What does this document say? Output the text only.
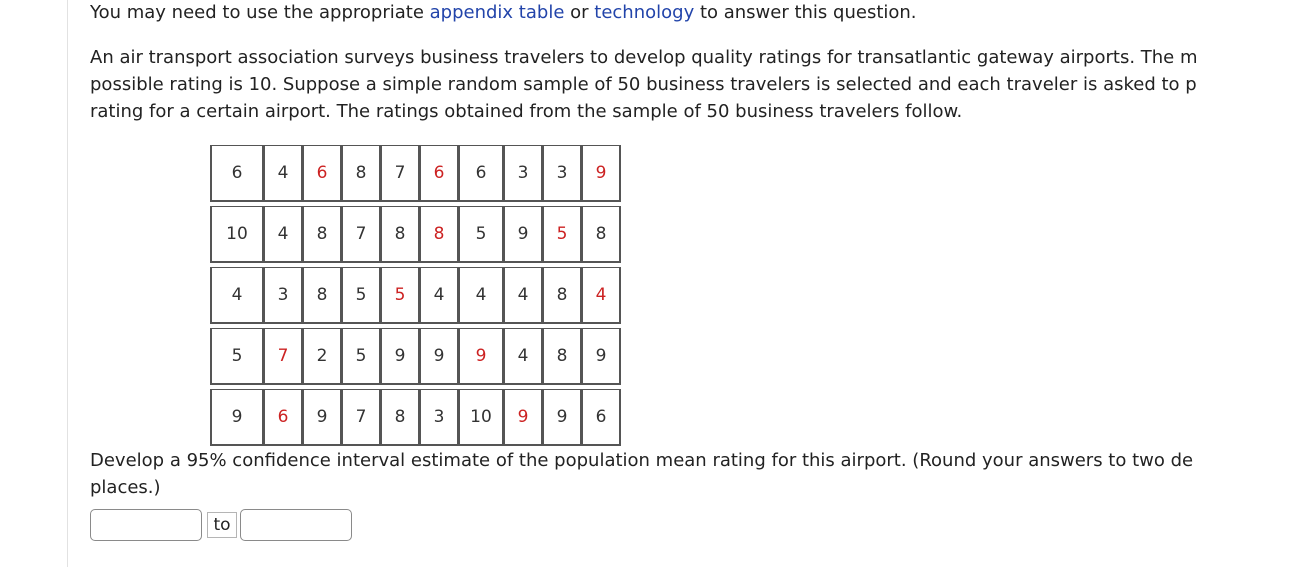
You may need to use the appropriate appendix table or technology to answer this question.
An air transport association surveys business travelers to develop quality ratings for transatlantic gateway airports. The m
possible rating is 10. Suppose a simple random sample of 50 business travelers is selected and each traveler is asked to p
rating for a certain airport. The ratings obtained from the sample of 50 business travelers follow.
6	4	6	8	7	6	6	3	3	9

10	4	8	7	8	8	5	9	5	8

4	3	8	5	5	4	4	4	8	4

5	7	2	5	9	9	9	4	8	9

9	6	9	7	8	3	10	9	9	6
Develop a 95% confidence interval estimate of the population mean rating for this airport. (Round your answers to two de
places.)
to
